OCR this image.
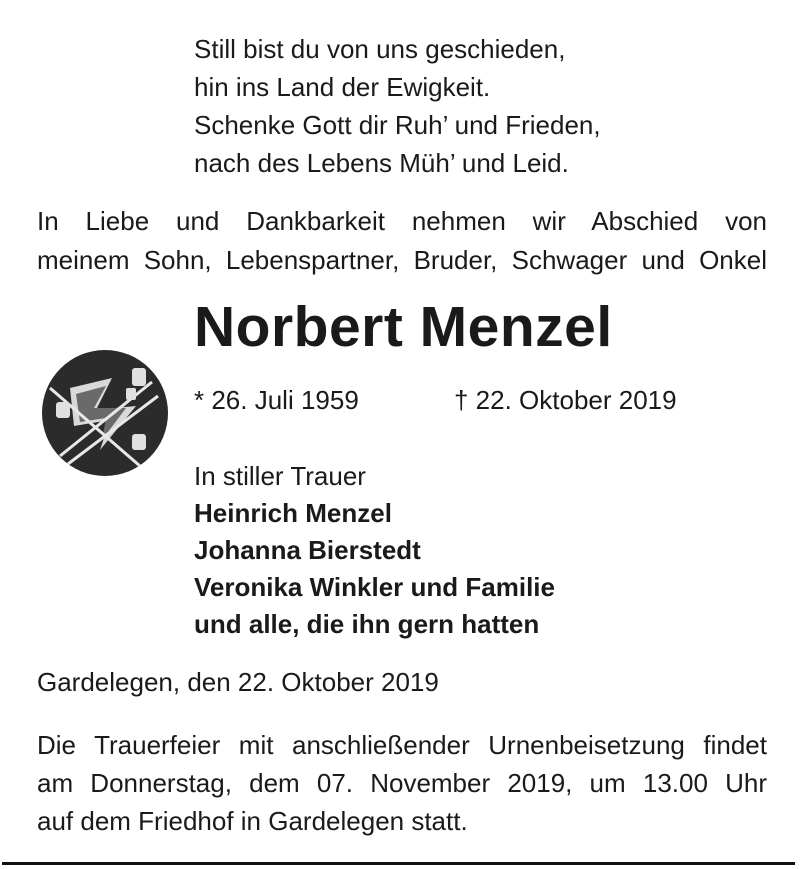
Still bist du von uns geschieden,
hin ins Land der Ewigkeit.
Schenke Gott dir Ruh’ und Frieden,
nach des Lebens Müh’ und Leid.
In Liebe und Dankbarkeit nehmen wir Abschied von
meinem Sohn, Lebenspartner, Bruder, Schwager und Onkel
Norbert Menzel
* 26. Juli 1959	† 22. Oktober 2019
In stiller Trauer
Heinrich Menzel
Johanna Bierstedt
Veronika Winkler und Familie
und alle, die ihn gern hatten
Gardelegen, den 22. Oktober 2019
Die Trauerfeier mit anschließender Urnenbeisetzung findet
am Donnerstag, dem 07. November 2019, um 13.00 Uhr
auf dem Friedhof in Gardelegen statt.
